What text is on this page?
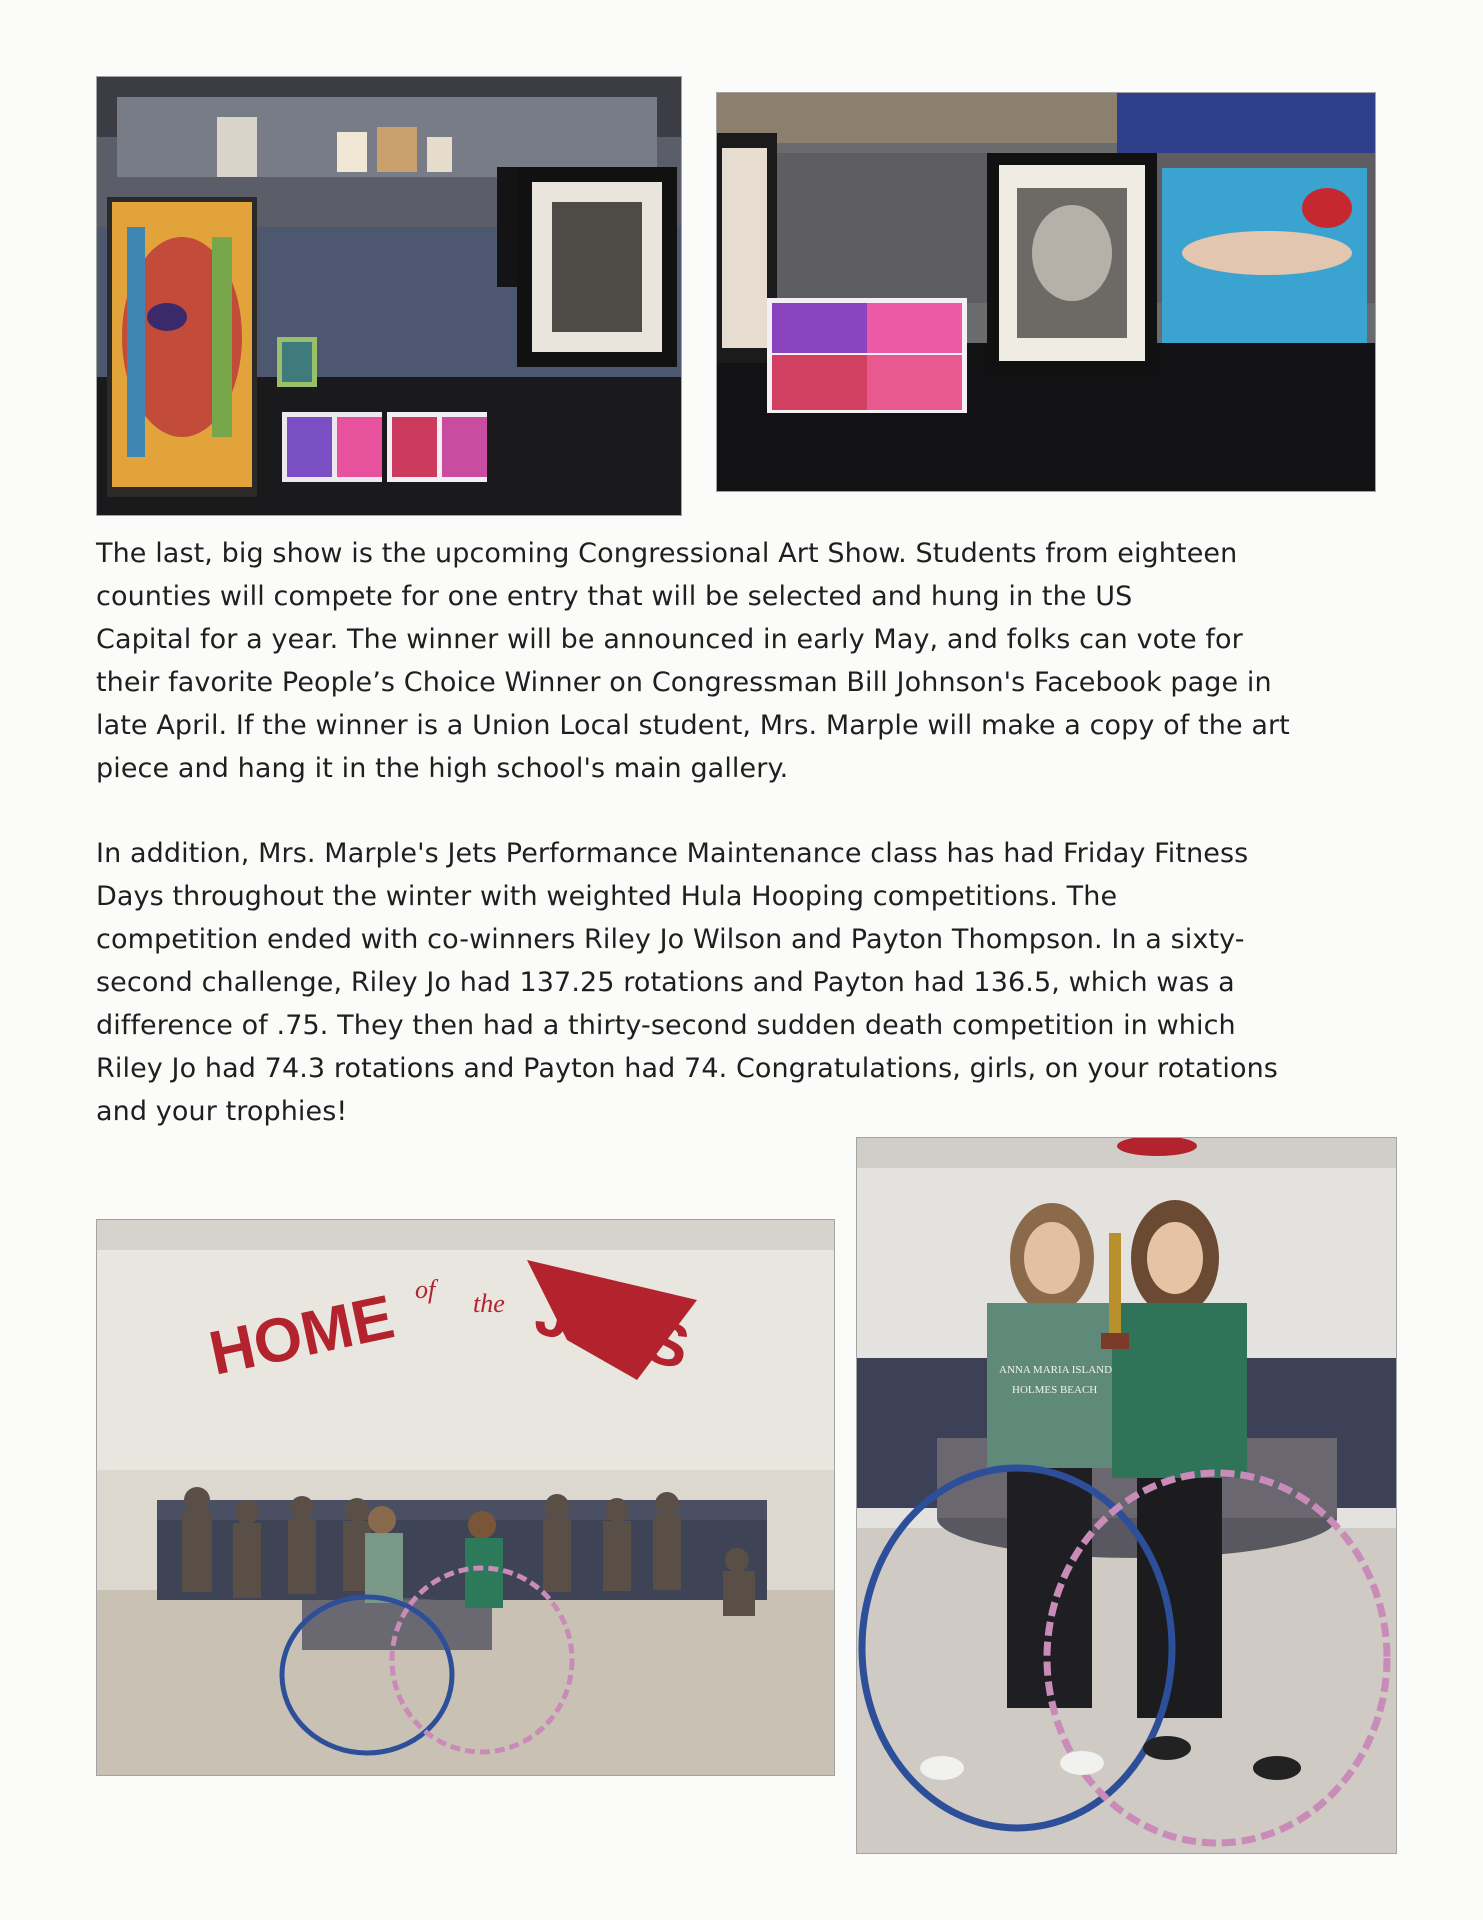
The last, big show is the upcoming Congressional Art Show. Students from eighteen
counties will compete for one entry that will be selected and hung in the US
Capital for a year. The winner will be announced in early May, and folks can vote for
their favorite People’s Choice Winner on Congressman Bill Johnson's Facebook page in
late April. If the winner is a Union Local student, Mrs. Marple will make a copy of the art
piece and hang it in the high school's main gallery.

In addition, Mrs. Marple's Jets Performance Maintenance class has had Friday Fitness
Days throughout the winter with weighted Hula Hooping competitions. The
competition ended with co-winners Riley Jo Wilson and Payton Thompson. In a sixty-
second challenge, Riley Jo had 137.25 rotations and Payton had 136.5, which was a
difference of .75. They then had a thirty-second sudden death competition in which
Riley Jo had 74.3 rotations and Payton had 74. Congratulations, girls, on your rotations
and your trophies!

HOME of the JETS	ANNA MARIA ISLAND
HOLMES BEACH
